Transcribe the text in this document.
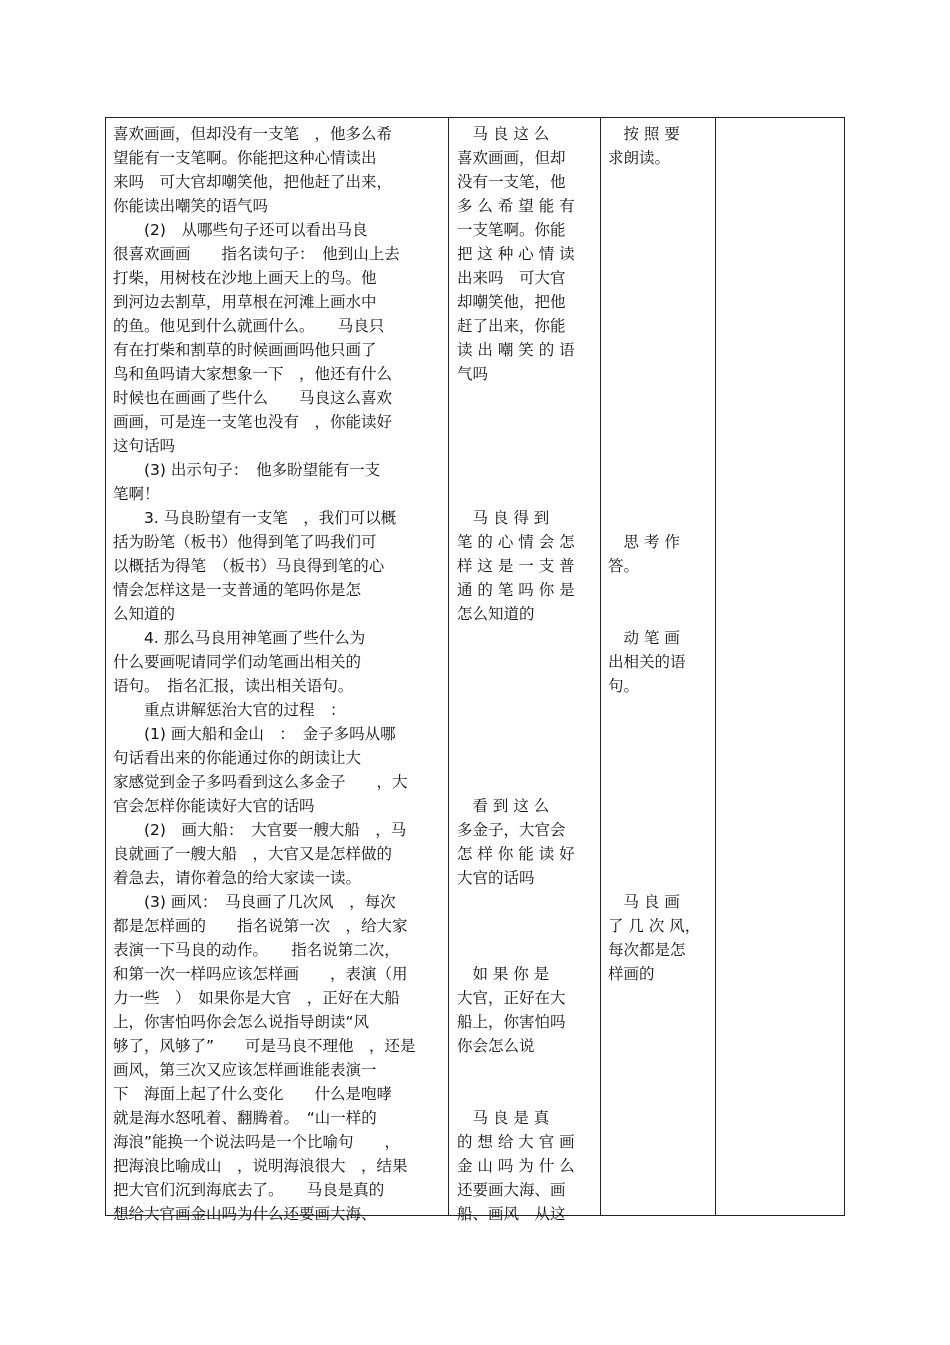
喜欢画画，但却没有一支笔　，他多么希
望能有一支笔啊。你能把这种心情读出
来吗　可大官却嘲笑他，把他赶了出来，
你能读出嘲笑的语气吗
　　(2)　从哪些句子还可以看出马良
很喜欢画画　　指名读句子：　他到山上去
打柴，用树枝在沙地上画天上的鸟。他
到河边去割草，用草根在河滩上画水中
的鱼。他见到什么就画什么。　　马良只
有在打柴和割草的时候画画吗他只画了
鸟和鱼吗请大家想象一下　，他还有什么
时候也在画画了些什么　　马良这么喜欢
画画，可是连一支笔也没有　，你能读好
这句话吗
　　(3) 出示句子：　他多盼望能有一支
笔啊！
　　3. 马良盼望有一支笔　，我们可以概
括为盼笔（板书）他得到笔了吗我们可
以概括为得笔　（板书）马良得到笔的心
情会怎样这是一支普通的笔吗你是怎
么知道的
　　4. 那么马良用神笔画了些什么为
什么要画呢请同学们动笔画出相关的
语句。　指名汇报，读出相关语句。
　　重点讲解惩治大官的过程　：
　　(1) 画大船和金山　：　金子多吗从哪
句话看出来的你能通过你的朗读让大
家感觉到金子多吗看到这么多金子　　，大
官会怎样你能读好大官的话吗
　　(2)　画大船：　大官要一艘大船　，马
良就画了一艘大船　，大官又是怎样做的
着急去，请你着急的给大家读一读。
　　(3) 画风：　马良画了几次风　，每次
都是怎样画的　　指名说第一次　，给大家
表演一下马良的动作。　　指名说第二次，
和第一次一样吗应该怎样画　　，表演（用
力一些　）　如果你是大官　，正好在大船
上，你害怕吗你会怎么说指导朗读“风
够了，风够了”　　可是马良不理他　，还是
画风，第三次又应该怎样画谁能表演一
下　海面上起了什么变化　　什么是咆哮
就是海水怒吼着、翻腾着。　“山一样的
海浪”能换一个说法吗是一个比喻句　　，
把海浪比喻成山　，说明海浪很大　，结果
把大官们沉到海底去了。　　马良是真的
想给大官画金山吗为什么还要画大海、
　马 良 这 么
喜欢画画，但却
没有一支笔，他
多 么 希 望 能 有
一支笔啊。你能
把 这 种 心 情 读
出来吗　可大官
却嘲笑他，把他
赶了出来，你能
读 出 嘲 笑 的 语
气吗
　马 良 得 到
笔 的 心 情 会 怎
样 这 是 一 支 普
通 的 笔 吗 你 是
怎么知道的
　看 到 这 么
多金子，大官会
怎 样 你 能 读 好
大官的话吗
　如 果 你 是
大官，正好在大
船上，你害怕吗
你会怎么说
　马 良 是 真
的 想 给 大 官 画
金 山 吗 为 什 么
还要画大海、画
船、画风　从这
　按 照 要
求朗读。
　思 考 作
答。
　动 笔 画
出相关的语
句。
　马 良 画
了 几 次 风，
每次都是怎
样画的
